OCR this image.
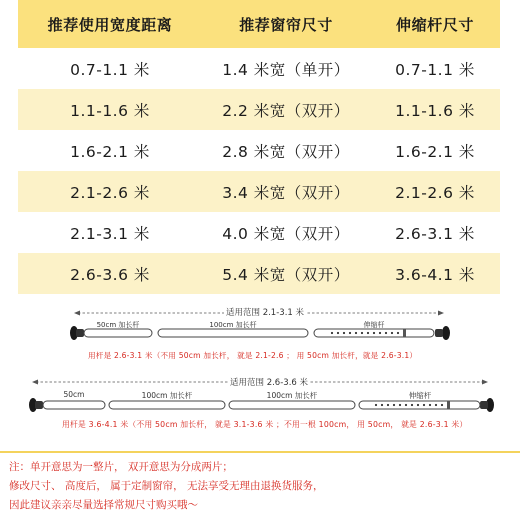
推荐使用宽度距离	推荐窗帘尺寸	伸缩杆尺寸
0.7-1.1 米	1.4 米宽（单开）	0.7-1.1 米
1.1-1.6 米	2.2 米宽（双开）	1.1-1.6 米
1.6-2.1 米	2.8 米宽（双开）	1.6-2.1 米
2.1-2.6 米	3.4 米宽（双开）	2.1-2.6 米
2.1-3.1 米	4.0 米宽（双开）	2.6-3.1 米
2.6-3.6 米	5.4 米宽（双开）	3.6-4.1 米
适用范围 2.1-3.1 米
50cm 加长杆	100cm 加长杆	伸缩杆
用杆是 2.6-3.1 米（不用 50cm 加长杆， 就是 2.1-2.6 ； 用 50cm 加长杆，就是 2.6-3.1）
适用范围 2.6-3.6 米
50cm	100cm 加长杆	100cm 加长杆	伸缩杆
用杆是 3.6-4.1 米（不用 50cm 加长杆， 就是 3.1-3.6 米 ；不用一根 100cm， 用 50cm， 就是 2.6-3.1 米）
注：单开意思为一整片， 双开意思为分成两片；
修改尺寸、 高度后， 属于定制窗帘， 无法享受无理由退换货服务，
因此建议亲亲尽量选择常规尺寸购买哦～
